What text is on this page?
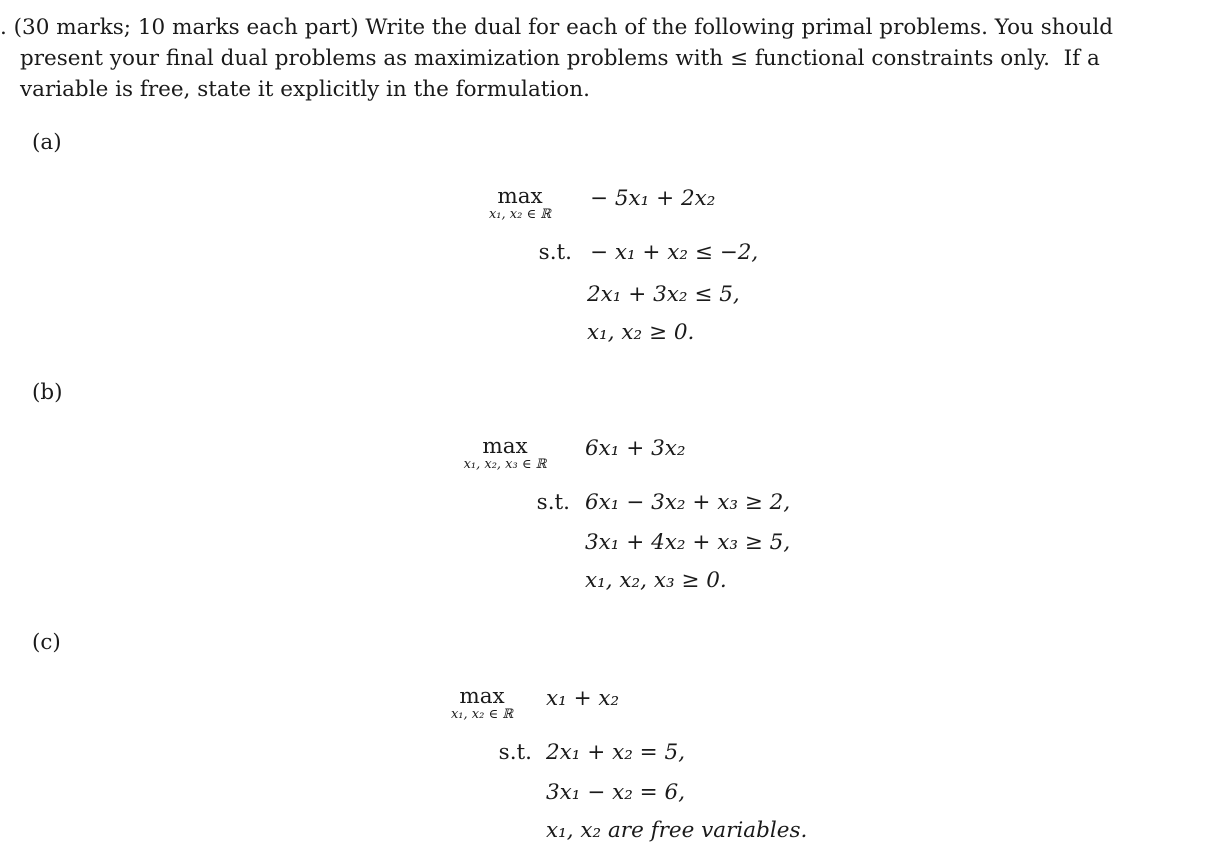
. (30 marks; 10 marks each part) Write the dual for each of the following primal problems. You should
present your final dual problems as maximization problems with ≤ functional constraints only.  If a
variable is free, state it explicitly in the formulation.
(a)
max
x₁, x₂ ∈ ℝ
− 5x₁ + 2x₂
s.t. − x₁ + x₂ ≤ −2,
2x₁ + 3x₂ ≤ 5,
x₁, x₂ ≥ 0.
(b)
max
x₁, x₂, x₃ ∈ ℝ
6x₁ + 3x₂
s.t. 6x₁ − 3x₂ + x₃ ≥ 2,
3x₁ + 4x₂ + x₃ ≥ 5,
x₁, x₂, x₃ ≥ 0.
(c)
max
x₁, x₂ ∈ ℝ
x₁ + x₂
s.t. 2x₁ + x₂ = 5,
3x₁ − x₂ = 6,
x₁, x₂ are free variables.
